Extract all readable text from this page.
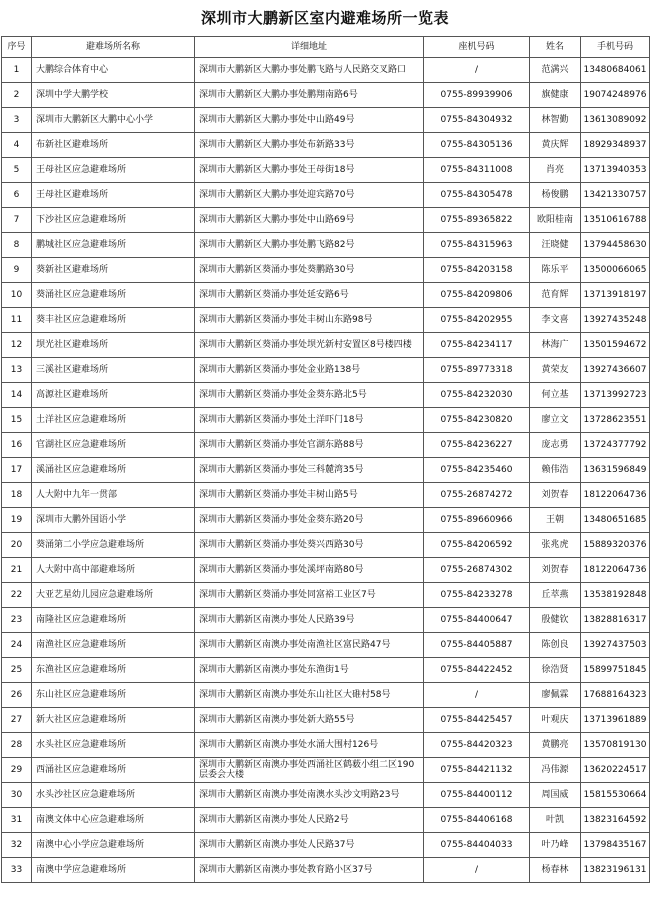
深圳市大鹏新区室内避难场所一览表
序号	避难场所名称	详细地址	座机号码	姓名	手机号码
1	大鹏综合体育中心	深圳市大鹏新区大鹏办事处鹏飞路与人民路交叉路口	/	范满兴	13480684061
2	深圳中学大鹏学校	深圳市大鹏新区大鹏办事处鹏翔南路6号	0755-89939906	旗健康	19074248976
3	深圳市大鹏新区大鹏中心小学	深圳市大鹏新区大鹏办事处中山路49号	0755-84304932	林智勤	13613089092
4	布新社区避难场所	深圳市大鹏新区大鹏办事处布新路33号	0755-84305136	黄庆辉	18929348937
5	王母社区应急避难场所	深圳市大鹏新区大鹏办事处王母街18号	0755-84311008	肖亮	13713940353
6	王母社区避难场所	深圳市大鹏新区大鹏办事处迎宾路70号	0755-84305478	杨俊鹏	13421330757
7	下沙社区应急避难场所	深圳市大鹏新区大鹏办事处中山路69号	0755-89365822	欧阳桂南	13510616788
8	鹏城社区应急避难场所	深圳市大鹏新区大鹏办事处鹏飞路82号	0755-84315963	汪晓健	13794458630
9	葵新社区避难场所	深圳市大鹏新区葵涌办事处葵鹏路30号	0755-84203158	陈乐平	13500066065
10	葵涌社区应急避难场所	深圳市大鹏新区葵涌办事处延安路6号	0755-84209806	范育辉	13713918197
11	葵丰社区应急避难场所	深圳市大鹏新区葵涌办事处丰树山东路98号	0755-84202955	李文喜	13927435248
12	坝光社区避难场所	深圳市大鹏新区葵涌办事处坝光新村安置区8号楼四楼	0755-84234117	林海广	13501594672
13	三溪社区避难场所	深圳市大鹏新区葵涌办事处金业路138号	0755-89773318	黄荣友	13927436607
14	高源社区避难场所	深圳市大鹏新区葵涌办事处金葵东路北5号	0755-84232030	何立基	13713992723
15	土洋社区应急避难场所	深圳市大鹏新区葵涌办事处土洋吓门18号	0755-84230820	廖立文	13728623551
16	官湖社区应急避难场所	深圳市大鹏新区葵涌办事处官湖东路88号	0755-84236227	庞志勇	13724377792
17	溪涌社区应急避难场所	深圳市大鹏新区葵涌办事处三科麓湾35号	0755-84235460	赖伟浩	13631596849
18	人大附中九年一贯部	深圳市大鹏新区葵涌办事处丰树山路5号	0755-26874272	刘贺春	18122064736
19	深圳市大鹏外国语小学	深圳市大鹏新区葵涌办事处金葵东路20号	0755-89660966	王朝	13480651685
20	葵涌第二小学应急避难场所	深圳市大鹏新区葵涌办事处葵兴西路30号	0755-84206592	张兆虎	15889320376
21	人大附中高中部避难场所	深圳市大鹏新区葵涌办事处溪坪南路80号	0755-26874302	刘贺春	18122064736
22	大亚艺星幼儿园应急避难场所	深圳市大鹏新区葵涌办事处同富裕工业区7号	0755-84233278	丘萃燕	13538192848
23	南隆社区应急避难场所	深圳市大鹏新区南澳办事处人民路39号	0755-84400647	殷健钦	13828816317
24	南渔社区应急避难场所	深圳市大鹏新区南澳办事处南渔社区富民路47号	0755-84405887	陈创良	13927437503
25	东渔社区应急避难场所	深圳市大鹏新区南澳办事处东渔街1号	0755-84422452	徐浩贤	15899751845
26	东山社区应急避难场所	深圳市大鹏新区南澳办事处东山社区大碓村58号	/	廖佩霖	17688164323
27	新大社区应急避难场所	深圳市大鹏新区南澳办事处新大路55号	0755-84425457	叶观庆	13713961889
28	水头社区应急避难场所	深圳市大鹏新区南澳办事处水涌大围村126号	0755-84420323	黄鹏亮	13570819130
29	西涌社区应急避难场所	深圳市大鹏新区南澳办事处西涌社区鹤薮小组二区190层委会大楼	0755-84421132	冯伟源	13620224517
30	水头沙社区应急避难场所	深圳市大鹏新区南澳办事处南澳水头沙文明路23号	0755-84400112	周国威	15815530664
31	南澳文体中心应急避难场所	深圳市大鹏新区南澳办事处人民路2号	0755-84406168	叶凯	13823164592
32	南澳中心小学应急避难场所	深圳市大鹏新区南澳办事处人民路37号	0755-84404033	叶乃峰	13798435167
33	南澳中学应急避难场所	深圳市大鹏新区南澳办事处教育路小区37号	/	杨春林	13823196131
